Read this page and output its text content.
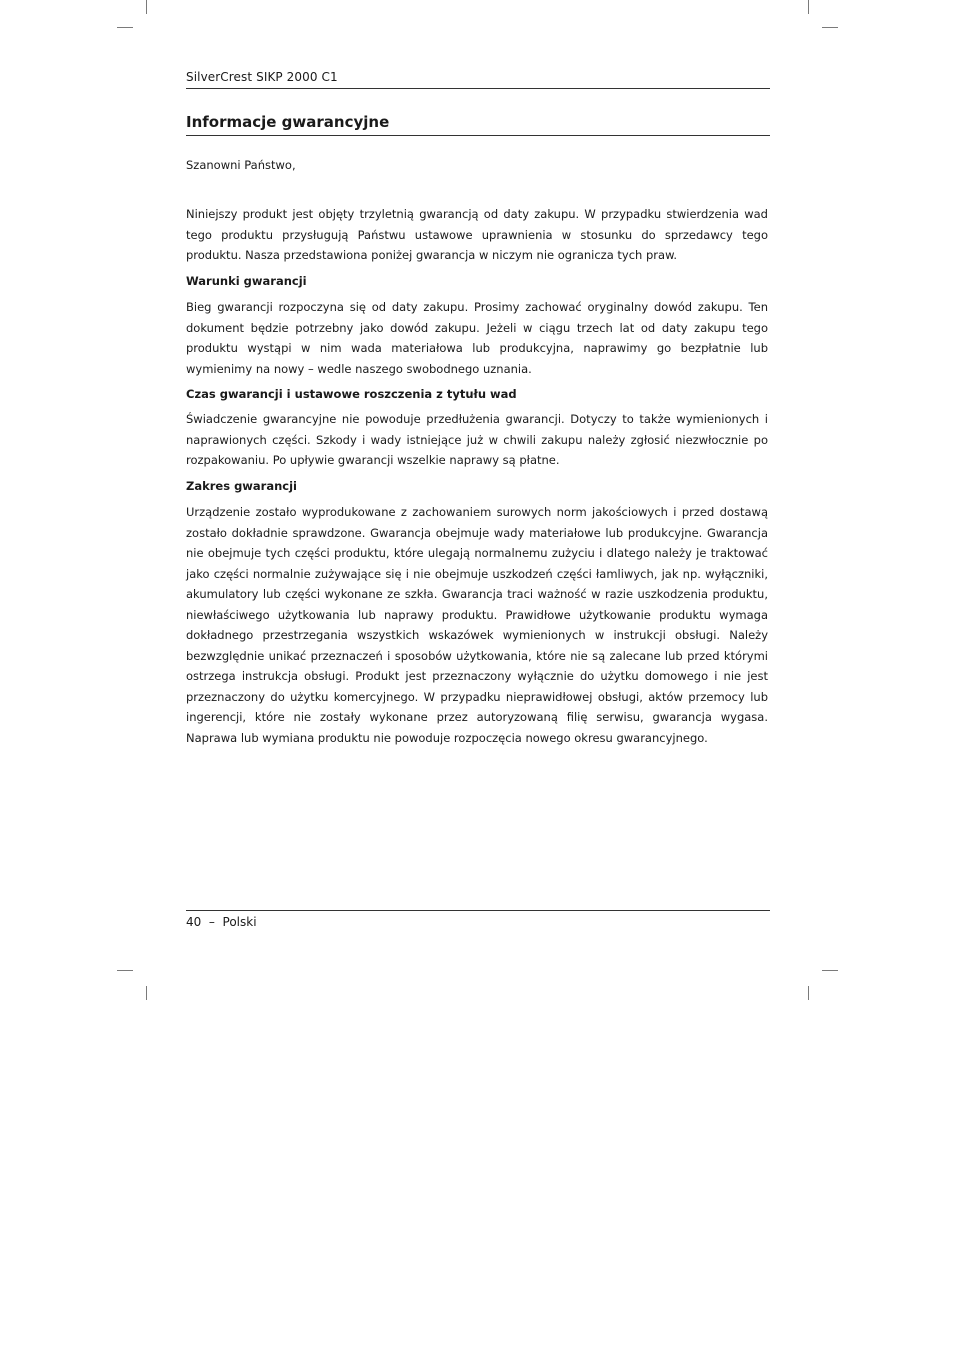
SilverCrest SIKP 2000 C1
Informacje gwarancyjne

Szanowni Państwo,

Niniejszy produkt jest objęty trzyletnią gwarancją od daty zakupu. W przypadku stwierdzenia wad tego produktu przysługują Państwu ustawowe uprawnienia w stosunku do sprzedawcy tego produktu. Nasza przedstawiona poniżej gwarancja w niczym nie ogranicza tych praw.

Warunki gwarancji

Bieg gwarancji rozpoczyna się od daty zakupu. Prosimy zachować oryginalny dowód zakupu. Ten dokument będzie potrzebny jako dowód zakupu. Jeżeli w ciągu trzech lat od daty zakupu tego produktu wystąpi w nim wada materiałowa lub produkcyjna, naprawimy go bezpłatnie lub wymienimy na nowy – wedle naszego swobodnego uznania.

Czas gwarancji i ustawowe roszczenia z tytułu wad

Świadczenie gwarancyjne nie powoduje przedłużenia gwarancji. Dotyczy to także wymienionych i naprawionych części. Szkody i wady istniejące już w chwili zakupu należy zgłosić niezwłocznie po rozpakowaniu. Po upływie gwarancji wszelkie naprawy są płatne.

Zakres gwarancji

Urządzenie zostało wyprodukowane z zachowaniem surowych norm jakościowych i przed dostawą zostało dokładnie sprawdzone. Gwarancja obejmuje wady materiałowe lub produkcyjne. Gwarancja nie obejmuje tych części produktu, które ulegają normalnemu zużyciu i dlatego należy je traktować jako części normalnie zużywające się i nie obejmuje uszkodzeń części łamliwych, jak np. wyłączniki, akumulatory lub części wykonane ze szkła. Gwarancja traci ważność w razie uszkodzenia produktu, niewłaściwego użytkowania lub naprawy produktu. Prawidłowe użytkowanie produktu wymaga dokładnego przestrzegania wszystkich wskazówek wymienionych w instrukcji obsługi. Należy bezwzględnie unikać przeznaczeń i sposobów użytkowania, które nie są zalecane lub przed którymi ostrzega instrukcja obsługi. Produkt jest przeznaczony wyłącznie do użytku domowego i nie jest przeznaczony do użytku komercyjnego. W przypadku nieprawidłowej obsługi, aktów przemocy lub ingerencji, które nie zostały wykonane przez autoryzowaną filię serwisu, gwarancja wygasa. Naprawa lub wymiana produktu nie powoduje rozpoczęcia nowego okresu gwarancyjnego.

40  –  Polski
